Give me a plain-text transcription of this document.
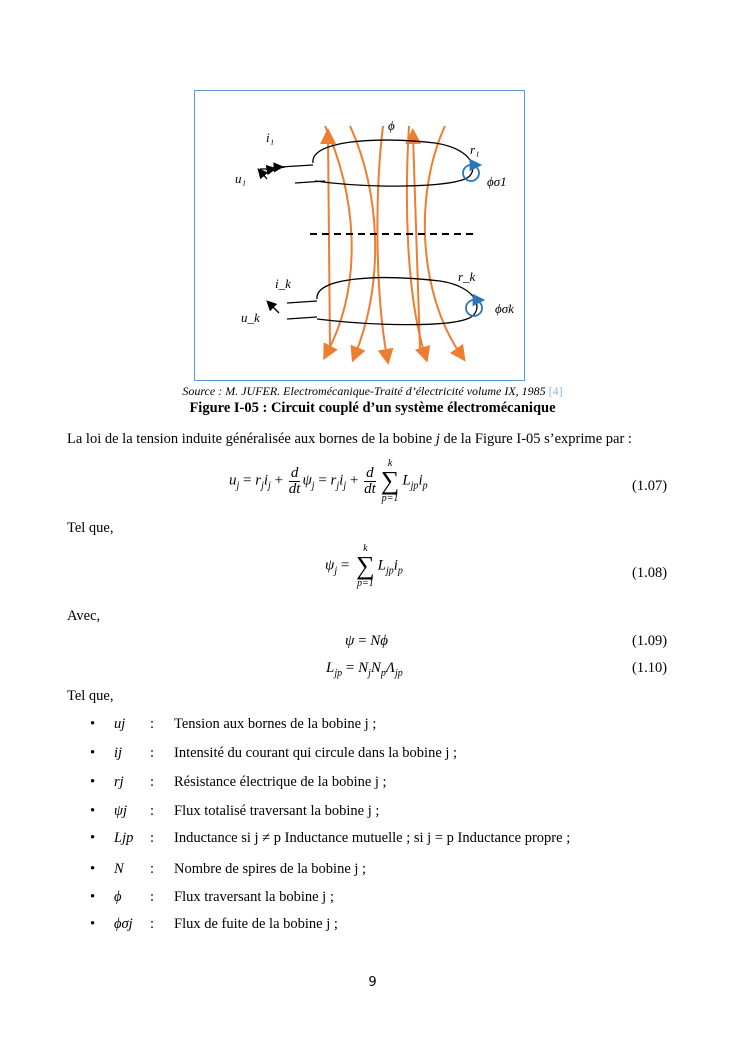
ϕ
i₁
r₁
u₁	ϕσ1
i_k	r_k
u_k
ϕσk
Source : M. JUFER. Electromécanique-Traité d’électricité volume IX, 1985 [4]
Figure I-05 : Circuit couplé d’un système électromécanique
La loi de la tension induite généralisée aux bornes de la bobine j de la Figure I-05 s’exprime par :
$u_j = r_ji_j + \frac{d}{dt} \psi_j = r_ji_j + \frac{d}{dt}$
k
∑
p=1
$L_{jp}i_p$	(1.07)
Tel que,
$\psi_j$ =
k
∑
p=1
$L_{jp}i_p$	(1.08)
Avec,
ψ = Nϕ	(1.09)
$L_{jp} = N_jN_p\Lambda_{jp}$	(1.10)
Tel que,
• uj : Tension aux bornes de la bobine j ;
• ij : Intensité du courant qui circule dans la bobine j ;
• rj : Résistance électrique de la bobine j ;
• ψj : Flux totalisé traversant la bobine j ;
• Ljp : Inductance si j ≠ p Inductance mutuelle ; si j = p Inductance propre ;
• N : Nombre de spires de la bobine j ;
• ϕ : Flux traversant la bobine j ;
• ϕσj : Flux de fuite de la bobine j ;
9
